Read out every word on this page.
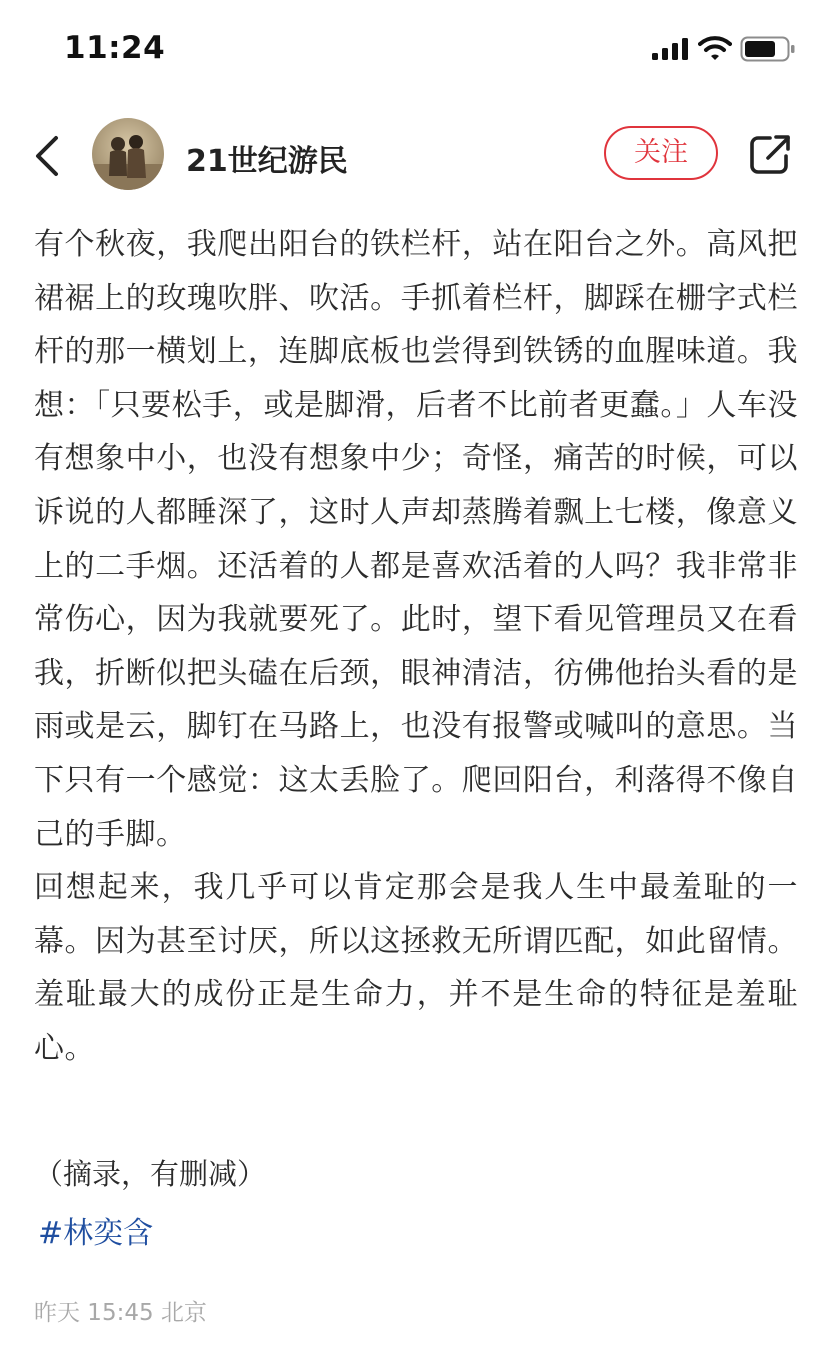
11:24
21世纪游民	关注

有个秋夜，我爬出阳台的铁栏杆，站在阳台之外。高风把裙裾上的玫瑰吹胖、吹活。手抓着栏杆，脚踩在栅字式栏杆的那一横划上，连脚底板也尝得到铁锈的血腥味道。我想：「只要松手，或是脚滑，后者不比前者更蠢。」人车没有想象中小，也没有想象中少；奇怪，痛苦的时候，可以诉说的人都睡深了，这时人声却蒸腾着飘上七楼，像意义上的二手烟。还活着的人都是喜欢活着的人吗？我非常非常伤心，因为我就要死了。此时，望下看见管理员又在看我，折断似把头磕在后颈，眼神清洁，彷佛他抬头看的是雨或是云，脚钉在马路上，也没有报警或喊叫的意思。当下只有一个感觉：这太丢脸了。爬回阳台，利落得不像自己的手脚。

回想起来，我几乎可以肯定那会是我人生中最羞耻的一幕。因为甚至讨厌，所以这拯救无所谓匹配，如此留情。羞耻最大的成份正是生命力，并不是生命的特征是羞耻心。

（摘录，有删减）
#林奕含
昨天 15:45 北京
